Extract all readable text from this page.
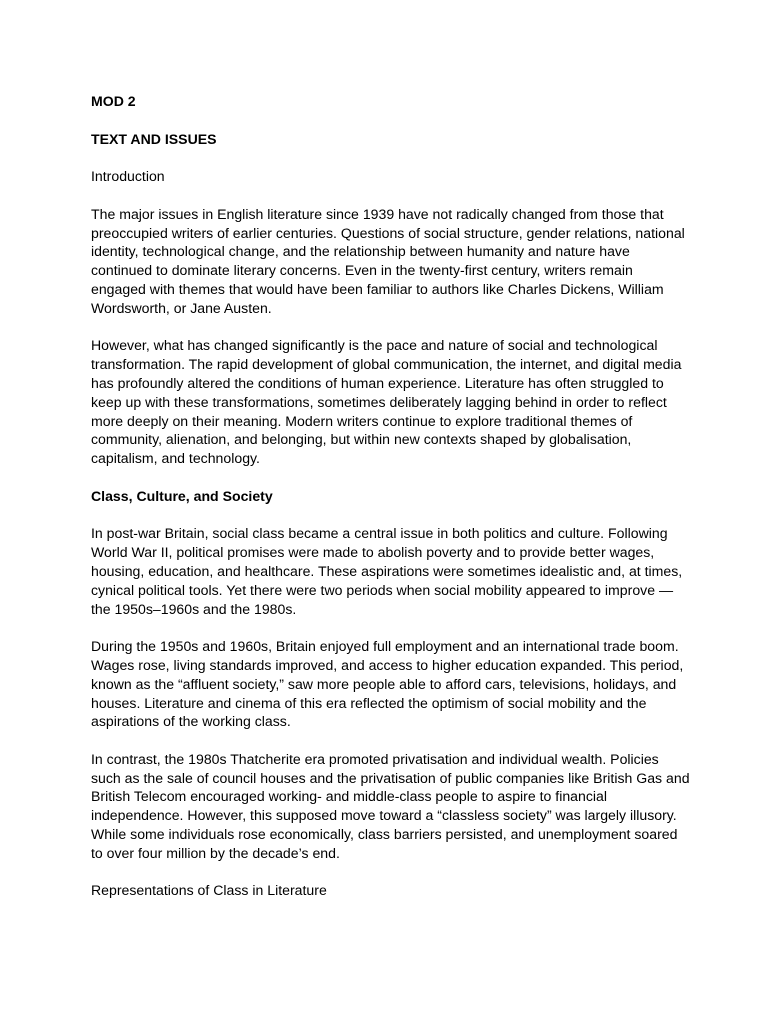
MOD 2

TEXT AND ISSUES

Introduction

The major issues in English literature since 1939 have not radically changed from those that
preoccupied writers of earlier centuries. Questions of social structure, gender relations, national
identity, technological change, and the relationship between humanity and nature have
continued to dominate literary concerns. Even in the twenty-first century, writers remain
engaged with themes that would have been familiar to authors like Charles Dickens, William
Wordsworth, or Jane Austen.

However, what has changed significantly is the pace and nature of social and technological
transformation. The rapid development of global communication, the internet, and digital media
has profoundly altered the conditions of human experience. Literature has often struggled to
keep up with these transformations, sometimes deliberately lagging behind in order to reflect
more deeply on their meaning. Modern writers continue to explore traditional themes of
community, alienation, and belonging, but within new contexts shaped by globalisation,
capitalism, and technology.

Class, Culture, and Society

In post-war Britain, social class became a central issue in both politics and culture. Following
World War II, political promises were made to abolish poverty and to provide better wages,
housing, education, and healthcare. These aspirations were sometimes idealistic and, at times,
cynical political tools. Yet there were two periods when social mobility appeared to improve —
the 1950s–1960s and the 1980s.

During the 1950s and 1960s, Britain enjoyed full employment and an international trade boom.
Wages rose, living standards improved, and access to higher education expanded. This period,
known as the “affluent society,” saw more people able to afford cars, televisions, holidays, and
houses. Literature and cinema of this era reflected the optimism of social mobility and the
aspirations of the working class.

In contrast, the 1980s Thatcherite era promoted privatisation and individual wealth. Policies
such as the sale of council houses and the privatisation of public companies like British Gas and
British Telecom encouraged working- and middle-class people to aspire to financial
independence. However, this supposed move toward a “classless society” was largely illusory.
While some individuals rose economically, class barriers persisted, and unemployment soared
to over four million by the decade’s end.

Representations of Class in Literature
